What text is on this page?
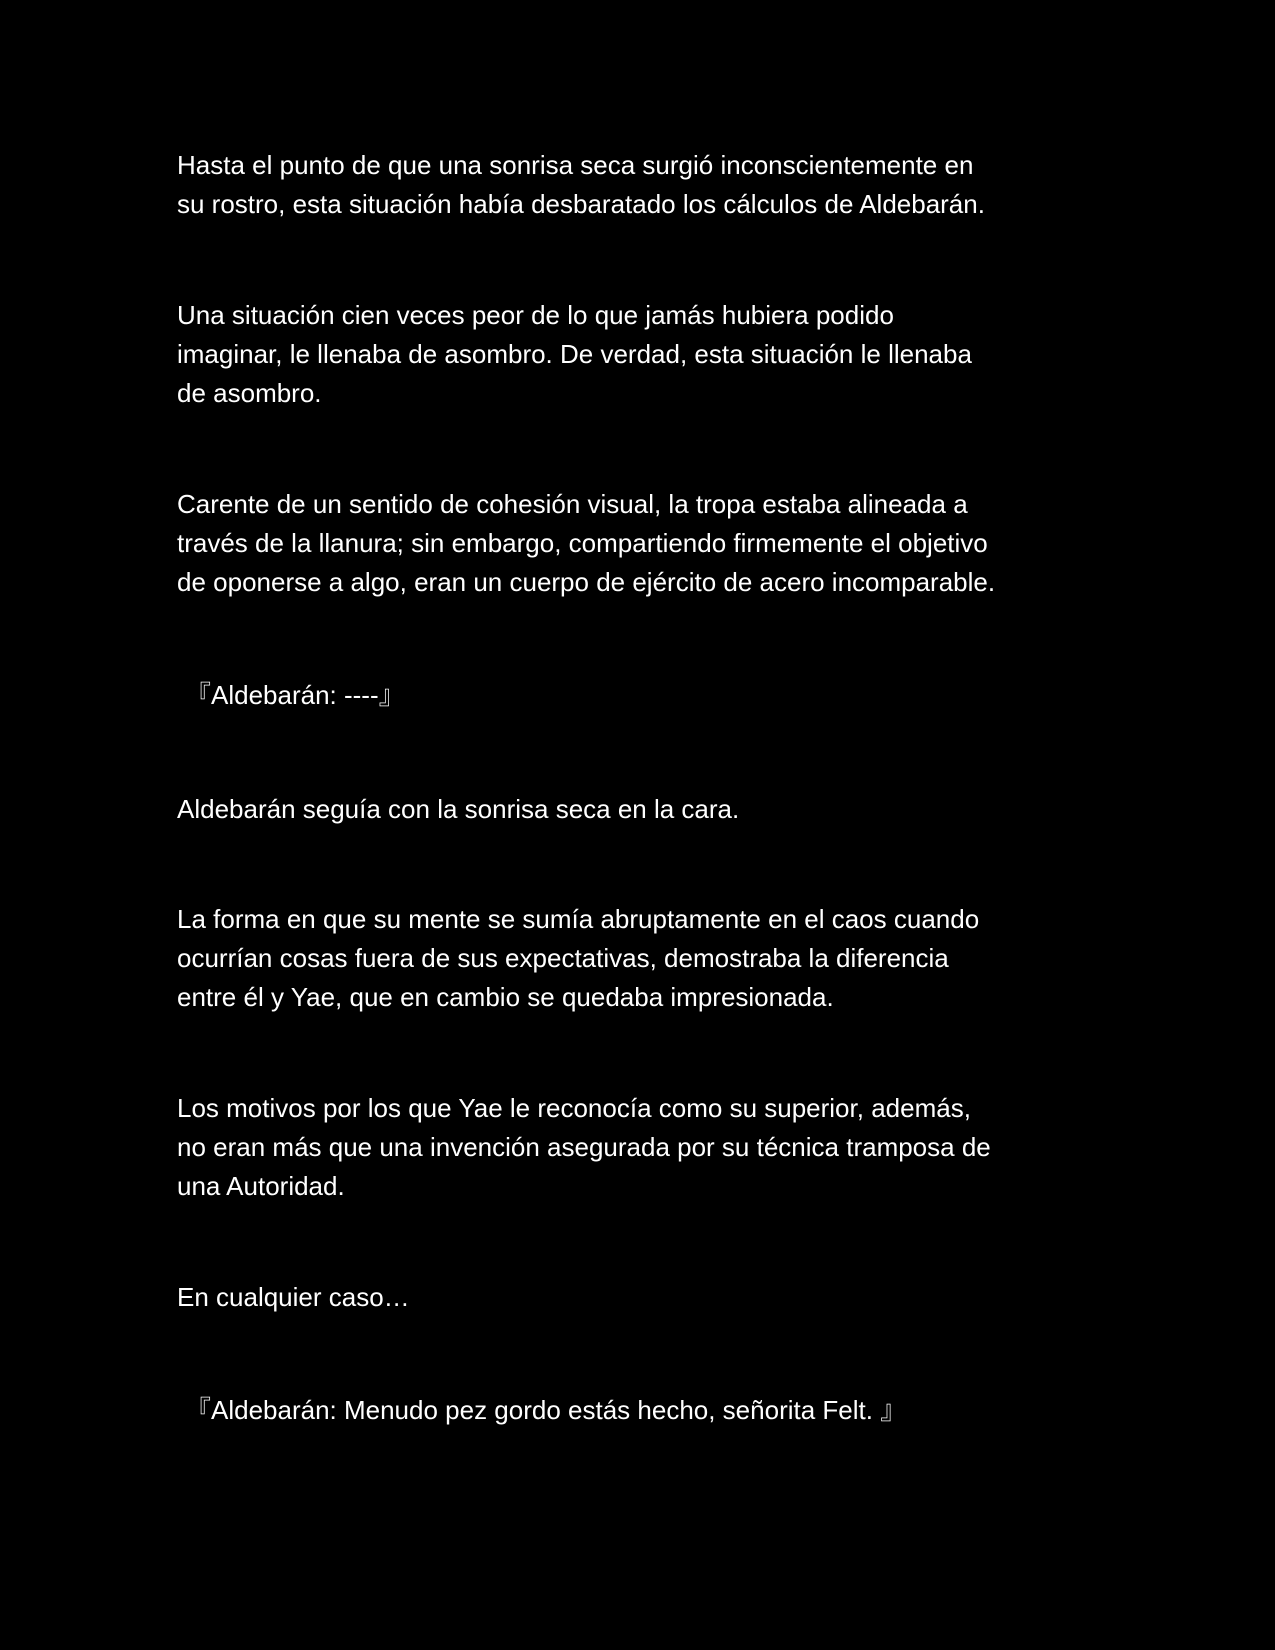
Hasta el punto de que una sonrisa seca surgió inconscientemente en
su rostro, esta situación había desbaratado los cálculos de Aldebarán.

Una situación cien veces peor de lo que jamás hubiera podido
imaginar, le llenaba de asombro. De verdad, esta situación le llenaba
de asombro.

Carente de un sentido de cohesión visual, la tropa estaba alineada a
través de la llanura; sin embargo, compartiendo firmemente el objetivo
de oponerse a algo, eran un cuerpo de ejército de acero incomparable.

『Aldebarán: ----』

Aldebarán seguía con la sonrisa seca en la cara.

La forma en que su mente se sumía abruptamente en el caos cuando
ocurrían cosas fuera de sus expectativas, demostraba la diferencia
entre él y Yae, que en cambio se quedaba impresionada.

Los motivos por los que Yae le reconocía como su superior, además,
no eran más que una invención asegurada por su técnica tramposa de
una Autoridad.

En cualquier caso…

『Aldebarán: Menudo pez gordo estás hecho, señorita Felt. 』
